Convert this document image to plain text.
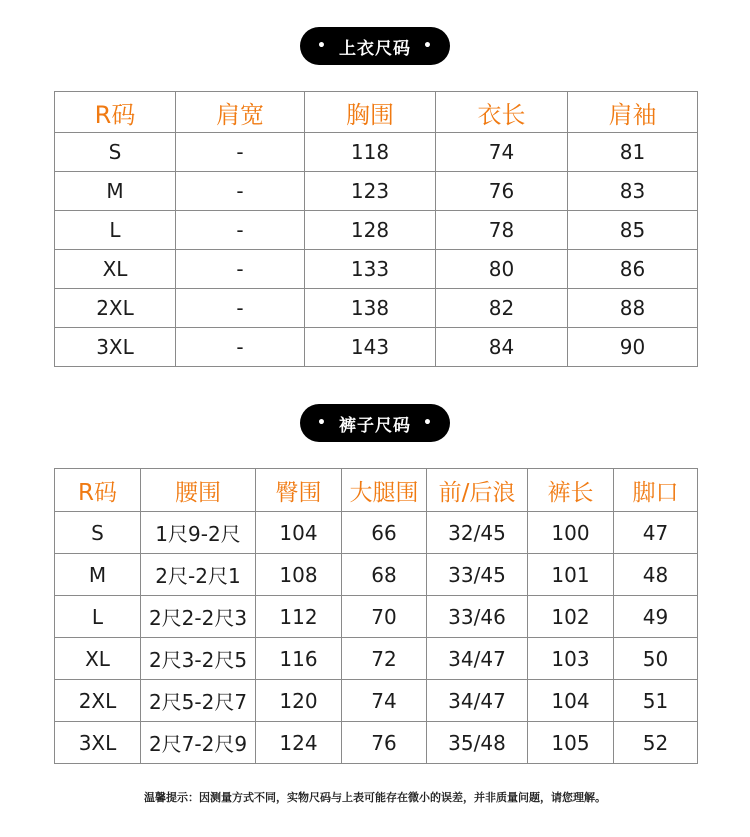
• 上衣尺码 •
R码	肩宽	胸围	衣长	肩袖
S	-	118	74	81
M	-	123	76	83
L	-	128	78	85
XL	-	133	80	86
2XL	-	138	82	88
3XL	-	143	84	90
• 裤子尺码 •
R码	腰围	臀围	大腿围	前/后浪	裤长	脚口
S	1尺9-2尺	104	66	32/45	100	47
M	2尺-2尺1	108	68	33/45	101	48
L	2尺2-2尺3	112	70	33/46	102	49
XL	2尺3-2尺5	116	72	34/47	103	50
2XL	2尺5-2尺7	120	74	34/47	104	51
3XL	2尺7-2尺9	124	76	35/48	105	52
温馨提示：因测量方式不同，实物尺码与上表可能存在微小的误差，并非质量问题，请您理解。
